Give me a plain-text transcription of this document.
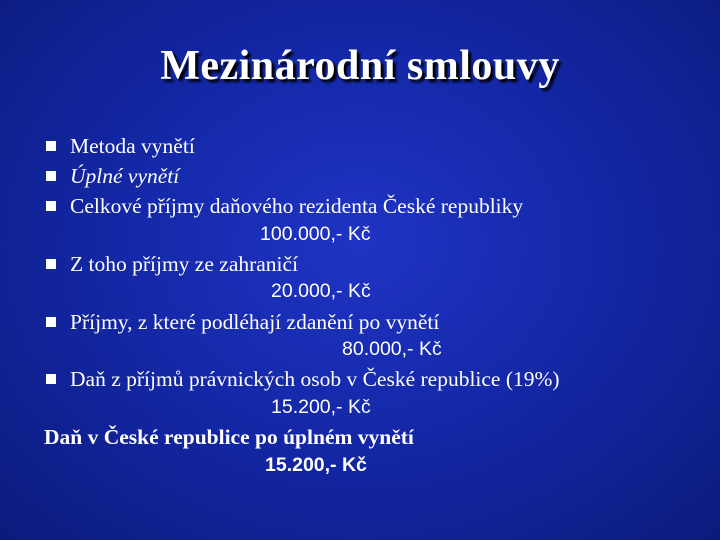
Mezinárodní smlouvy
Metoda vynětí
Úplné vynětí
Celkové příjmy daňového rezidenta České republiky
100.000,- Kč
Z toho příjmy ze zahraničí
20.000,- Kč
Příjmy, z které podléhají zdanění po vynětí
80.000,- Kč
Daň z příjmů právnických osob v České republice (19%)
15.200,- Kč
Daň v České republice po úplném vynětí
15.200,- Kč
